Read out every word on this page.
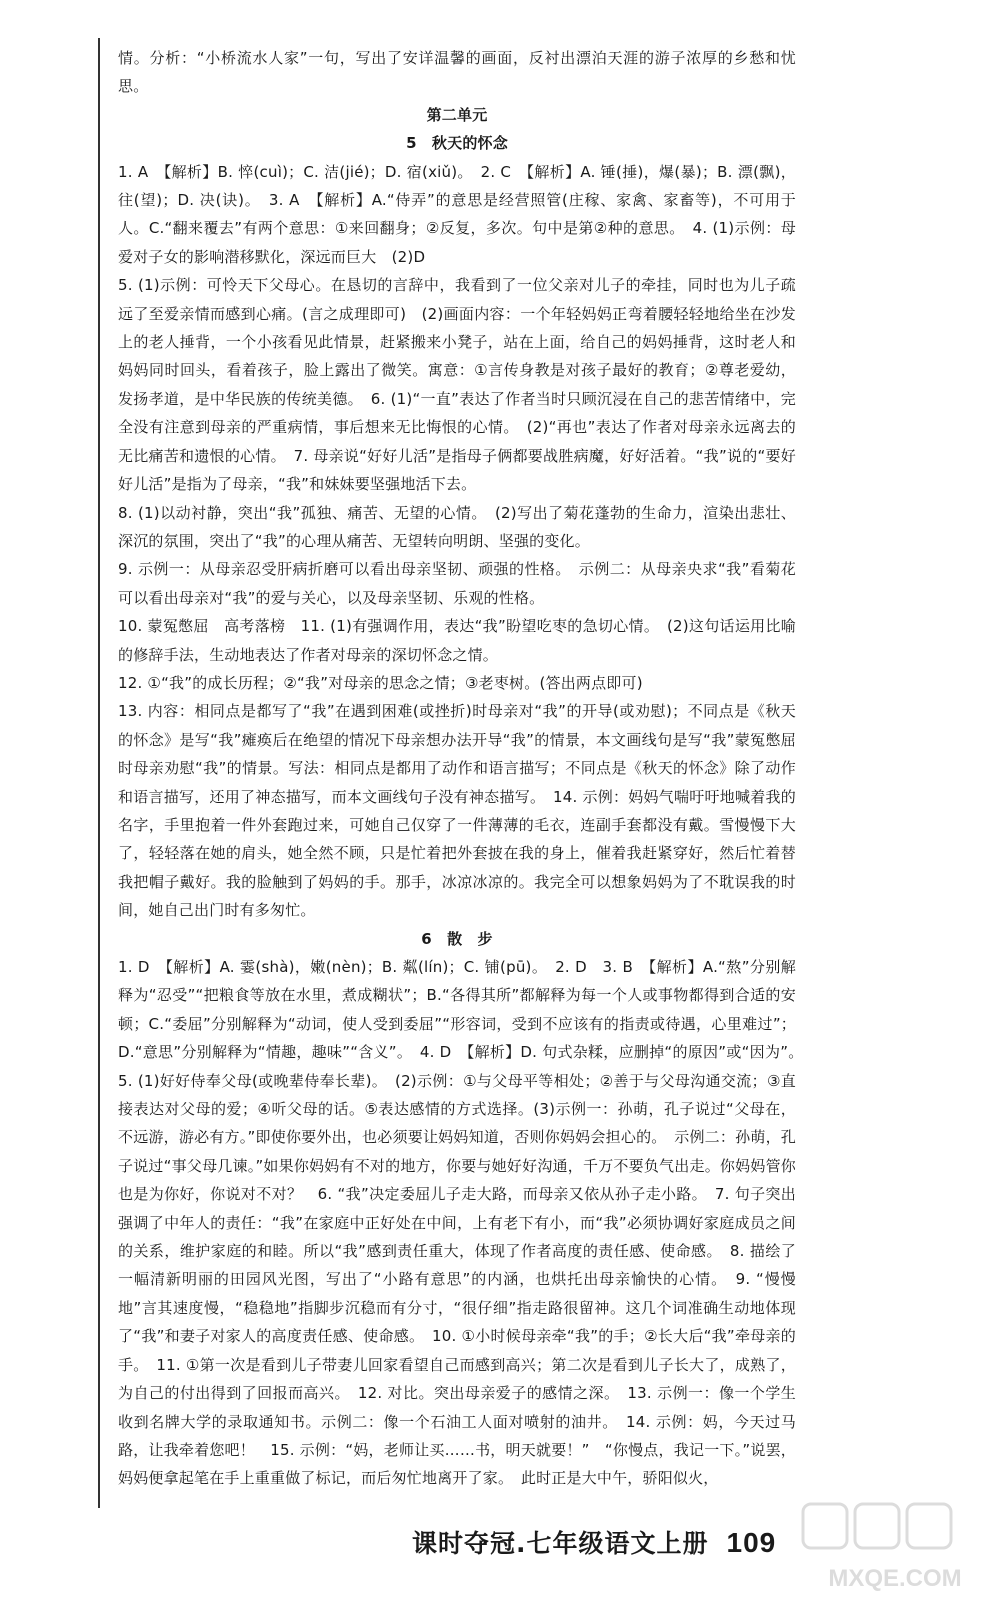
情。分析：“小桥流水人家”一句，写出了安详温馨的画面，反衬出漂泊天涯的游子浓厚的乡愁和忧思。

第二单元

5　秋天的怀念

1. A　【解析】B. 悴(cuì)；C. 洁(jié)；D. 宿(xiǔ)。　2. C　【解析】A. 锤(捶)，爆(暴)；B. 漂(飘)，往(望)；D. 决(诀)。　3. A　【解析】A.“侍弄”的意思是经营照管(庄稼、家禽、家畜等)，不可用于人。C.“翻来覆去”有两个意思：①来回翻身；②反复，多次。句中是第②种的意思。　4. (1)示例：母爱对子女的影响潜移默化，深远而巨大　(2)D

5. (1)示例：可怜天下父母心。在恳切的言辞中，我看到了一位父亲对儿子的牵挂，同时也为儿子疏远了至爱亲情而感到心痛。(言之成理即可)　(2)画面内容：一个年轻妈妈正弯着腰轻轻地给坐在沙发上的老人捶背，一个小孩看见此情景，赶紧搬来小凳子，站在上面，给自己的妈妈捶背，这时老人和妈妈同时回头，看着孩子，脸上露出了微笑。寓意：①言传身教是对孩子最好的教育；②尊老爱幼，发扬孝道，是中华民族的传统美德。　6. (1)“一直”表达了作者当时只顾沉浸在自己的悲苦情绪中，完全没有注意到母亲的严重病情，事后想来无比悔恨的心情。　(2)“再也”表达了作者对母亲永远离去的无比痛苦和遗恨的心情。　7. 母亲说“好好儿活”是指母子俩都要战胜病魔，好好活着。“我”说的“要好好儿活”是指为了母亲，“我”和妹妹要坚强地活下去。

8. (1)以动衬静，突出“我”孤独、痛苦、无望的心情。　(2)写出了菊花蓬勃的生命力，渲染出悲壮、深沉的氛围，突出了“我”的心理从痛苦、无望转向明朗、坚强的变化。

9. 示例一：从母亲忍受肝病折磨可以看出母亲坚韧、顽强的性格。　示例二：从母亲央求“我”看菊花可以看出母亲对“我”的爱与关心，以及母亲坚韧、乐观的性格。

10. 蒙冤憋屈　高考落榜　11. (1)有强调作用，表达“我”盼望吃枣的急切心情。　(2)这句话运用比喻的修辞手法，生动地表达了作者对母亲的深切怀念之情。

12. ①“我”的成长历程；②“我”对母亲的思念之情；③老枣树。(答出两点即可)

13. 内容：相同点是都写了“我”在遇到困难(或挫折)时母亲对“我”的开导(或劝慰)；不同点是《秋天的怀念》是写“我”瘫痪后在绝望的情况下母亲想办法开导“我”的情景，本文画线句是写“我”蒙冤憋屈时母亲劝慰“我”的情景。写法：相同点是都用了动作和语言描写；不同点是《秋天的怀念》除了动作和语言描写，还用了神态描写，而本文画线句子没有神态描写。　14. 示例：妈妈气喘吁吁地喊着我的名字，手里抱着一件外套跑过来，可她自己仅穿了一件薄薄的毛衣，连副手套都没有戴。雪慢慢下大了，轻轻落在她的肩头，她全然不顾，只是忙着把外套披在我的身上，催着我赶紧穿好，然后忙着替我把帽子戴好。我的脸触到了妈妈的手。那手，冰凉冰凉的。我完全可以想象妈妈为了不耽误我的时间，她自己出门时有多匆忙。

6　散　步

1. D　【解析】A. 霎(shà)，嫩(nèn)；B. 粼(lín)；C. 铺(pū)。　2. D　3. B　【解析】A.“熬”分别解释为“忍受”“把粮食等放在水里，煮成糊状”；B.“各得其所”都解释为每一个人或事物都得到合适的安顿；C.“委屈”分别解释为“动词，使人受到委屈”“形容词，受到不应该有的指责或待遇，心里难过”；D.“意思”分别解释为“情趣，趣味”“含义”。　4. D　【解析】D. 句式杂糅，应删掉“的原因”或“因为”。　5. (1)好好侍奉父母(或晚辈侍奉长辈)。　(2)示例：①与父母平等相处；②善于与父母沟通交流；③直接表达对父母的爱；④听父母的话。⑤表达感情的方式选择。(3)示例一：孙萌，孔子说过“父母在，不远游，游必有方。”即使你要外出，也必须要让妈妈知道，否则你妈妈会担心的。　示例二：孙萌，孔子说过“事父母几谏。”如果你妈妈有不对的地方，你要与她好好沟通，千万不要负气出走。你妈妈管你也是为你好，你说对不对？　6. “我”决定委屈儿子走大路，而母亲又依从孙子走小路。　7. 句子突出强调了中年人的责任：“我”在家庭中正好处在中间，上有老下有小，而“我”必须协调好家庭成员之间的关系，维护家庭的和睦。所以“我”感到责任重大，体现了作者高度的责任感、使命感。　8. 描绘了一幅清新明丽的田园风光图，写出了“小路有意思”的内涵，也烘托出母亲愉快的心情。　9. “慢慢地”言其速度慢，“稳稳地”指脚步沉稳而有分寸，“很仔细”指走路很留神。这几个词准确生动地体现了“我”和妻子对家人的高度责任感、使命感。　10. ①小时候母亲牵“我”的手；②长大后“我”牵母亲的手。　11. ①第一次是看到儿子带妻儿回家看望自己而感到高兴；第二次是看到儿子长大了，成熟了，为自己的付出得到了回报而高兴。　12. 对比。突出母亲爱子的感情之深。　13. 示例一：像一个学生收到名牌大学的录取通知书。示例二：像一个石油工人面对喷射的油井。　14. 示例：妈，今天过马路，让我牵着您吧！　15. 示例：“妈，老师让买……书，明天就要！”　“你慢点，我记一下。”说罢，妈妈便拿起笔在手上重重做了标记，而后匆忙地离开了家。　此时正是大中午，骄阳似火，

课时夺冠.七年级语文上册 109
MXQE.COM
